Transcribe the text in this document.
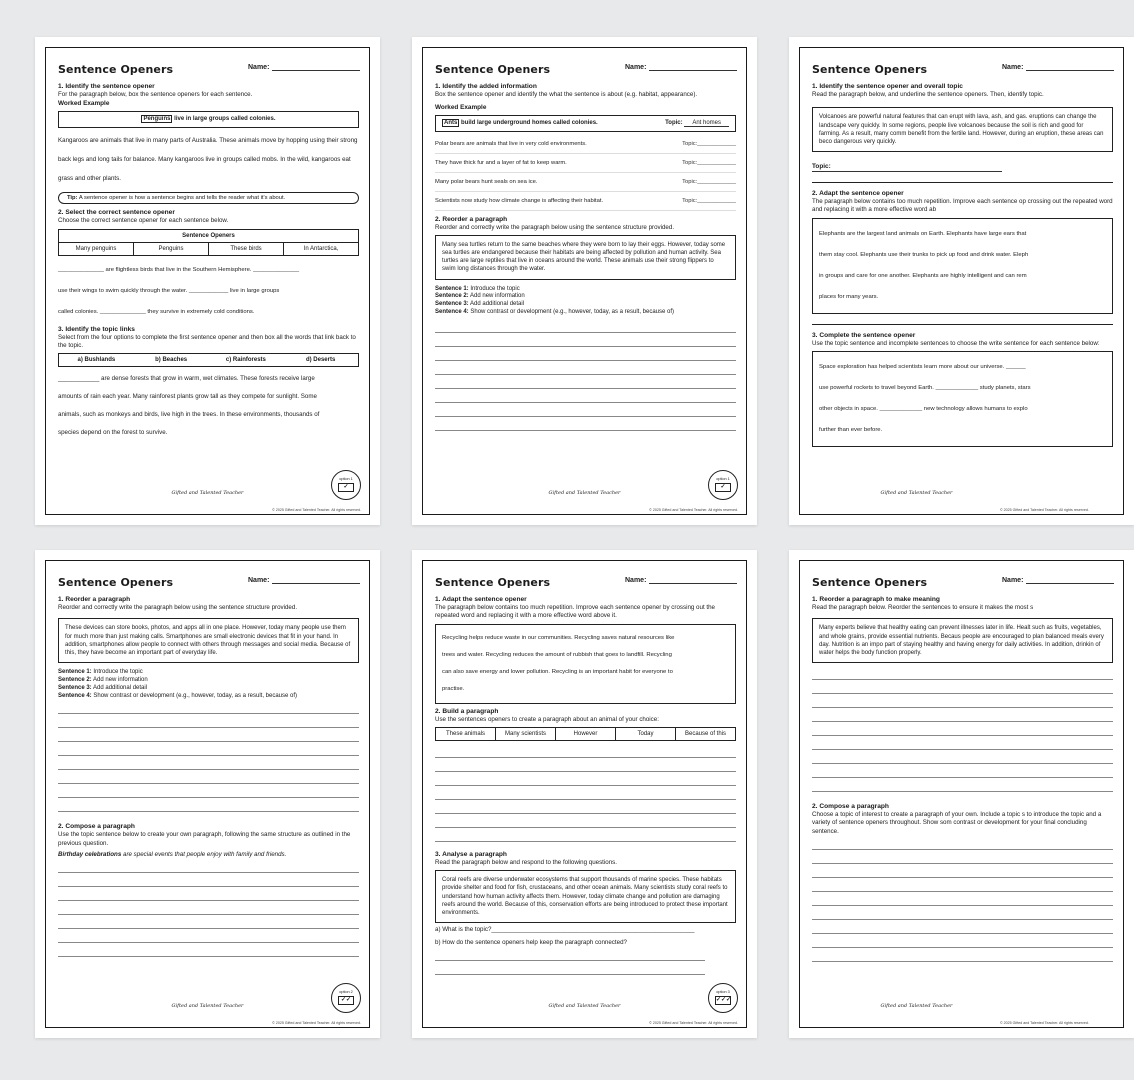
Sentence Openers	Name:
1. Identify the sentence opener
For the paragraph below, box the sentence openers for each sentence.
Worked Example
Penguins live in large groups called colonies.
Kangaroos are animals that live in many parts of Australia. These animals move by hopping using their strong back legs and long tails for balance. Many kangaroos live in groups called mobs. In the wild, kangaroos eat grass and other plants.
Tip: A sentence opener is how a sentence begins and tells the reader what it's about.
2. Select the correct sentence opener
Choose the correct sentence opener for each sentence below.
Sentence Openers
Many penguins	Penguins	These birds	In Antarctica,
______________ are flightless birds that live in the Southern Hemisphere. ______________
use their wings to swim quickly through the water. ____________ live in large groups
called colonies. ______________ they survive in extremely cold conditions.
3. Identify the topic links
Select from the four options to complete the first sentence opener and then box all the words that link back to the topic.
a) Bushlands	b) Beaches	c) Rainforests	d) Deserts
____________ are dense forests that grow in warm, wet climates. These forests receive large amounts of rain each year. Many rainforest plants grow tall as they compete for sunlight. Some animals, such as monkeys and birds, live high in the trees. In these environments, thousands of species depend on the forest to survive.
Gifted and Talented Teacher
option 1
✓
© 2025 Gifted and Talented Teacher. All rights reserved.
Sentence Openers	Name:
1. Identify the added information
Box the sentence opener and identify the what the sentence is about (e.g. habitat, appearance).
Worked Example
Ants build large underground homes called colonies.	Topic: Ant homes
Polar bears are animals that live in very cold environments.	Topic:____________
They have thick fur and a layer of fat to keep warm.	Topic:____________
Many polar bears hunt seals on sea ice.	Topic:____________
Scientists now study how climate change is affecting their habitat.	Topic:____________
2. Reorder a paragraph
Reorder and correctly write the paragraph below using the sentence structure provided.
Many sea turtles return to the same beaches where they were born to lay their eggs. However, today some sea turtles are endangered because their habitats are being affected by pollution and human activity. Sea turtles are large reptiles that live in oceans around the world. These animals use their strong flippers to swim long distances through the water.
Sentence 1: Introduce the topic
Sentence 2: Add new information
Sentence 3: Add additional detail
Sentence 4: Show contrast or development (e.g., however, today, as a result, because of)
Gifted and Talented Teacher
option 1
✓
© 2025 Gifted and Talented Teacher. All rights reserved.
Sentence Openers	Name:
1. Identify the sentence opener and overall topic
Read the paragraph below, and underline the sentence openers. Then, identify topic.
Volcanoes are powerful natural features that can erupt with lava, ash, and gas. eruptions can change the landscape very quickly. In some regions, people live volcanoes because the soil is rich and good for farming. As a result, many comm benefit from the fertile land. However, during an eruption, these areas can beco dangerous very quickly.
Topic:
2. Adapt the sentence opener
The paragraph below contains too much repetition. Improve each sentence op crossing out the repeated word and replacing it with a more effective word ab
Elephants are the largest land animals on Earth. Elephants have large ears that
them stay cool. Elephants use their trunks to pick up food and drink water. Eleph
in groups and care for one another. Elephants are highly intelligent and can rem
places for many years.
3. Complete the sentence opener
Use the topic sentence and incomplete sentences to choose the write sentence for each sentence below:
Space exploration has helped scientists learn more about our universe. ______
use powerful rockets to travel beyond Earth. _____________ study planets, stars
other objects in space. _____________ new technology allows humans to explo
further than ever before.
Gifted and Talented Teacher
© 2025 Gifted and Talented Teacher. All rights reserved.
Sentence Openers	Name:
1. Reorder a paragraph
Reorder and correctly write the paragraph below using the sentence structure provided.
These devices can store books, photos, and apps all in one place. However, today many people use them for much more than just making calls. Smartphones are small electronic devices that fit in your hand. In addition, smartphones allow people to connect with others through messages and social media. Because of this, they have become an important part of everyday life.
Sentence 1: Introduce the topic
Sentence 2: Add new information
Sentence 3: Add additional detail
Sentence 4: Show contrast or development (e.g., however, today, as a result, because of)
2. Compose a paragraph
Use the topic sentence below to create your own paragraph, following the same structure as outlined in the previous question.
Birthday celebrations are special events that people enjoy with family and friends.
Gifted and Talented Teacher
option 2
✓✓
© 2025 Gifted and Talented Teacher. All rights reserved.
Sentence Openers	Name:
1. Adapt the sentence opener
The paragraph below contains too much repetition. Improve each sentence opener by crossing out the repeated word and replacing it with a more effective word above it.
Recycling helps reduce waste in our communities. Recycling saves natural resources like
trees and water. Recycling reduces the amount of rubbish that goes to landfill. Recycling
can also save energy and lower pollution. Recycling is an important habit for everyone to
practise.
2. Build a paragraph
Use the sentences openers to create a paragraph about an animal of your choice:
These animals	Many scientists	However	Today	Because of this
3. Analyse a paragraph
Read the paragraph below and respond to the following questions.
Coral reefs are diverse underwater ecosystems that support thousands of marine species. These habitats provide shelter and food for fish, crustaceans, and other ocean animals. Many scientists study coral reefs to understand how human activity affects them. However, today climate change and pollution are damaging reefs around the world. Because of this, conservation efforts are being introduced to protect these important environments.
a) What is the topic?___________________________________________________________
b) How do the sentence openers help keep the paragraph connected?
Gifted and Talented Teacher
option 3
✓✓✓
© 2025 Gifted and Talented Teacher. All rights reserved.
Sentence Openers	Name:
1. Reorder a paragraph to make meaning
Read the paragraph below. Reorder the sentences to ensure it makes the most s
Many experts believe that healthy eating can prevent illnesses later in life. Healt such as fruits, vegetables, and whole grains, provide essential nutrients. Becaus people are encouraged to plan balanced meals every day. Nutrition is an impo part of staying healthy and having energy for daily activities. In addition, drinkin of water helps the body function properly.
2. Compose a paragraph
Choose a topic of interest to create a paragraph of your own. Include a topic s to introduce the topic and a variety of sentence openers throughout. Show som contrast or development for your final concluding sentence.
Gifted and Talented Teacher
© 2025 Gifted and Talented Teacher. All rights reserved.
